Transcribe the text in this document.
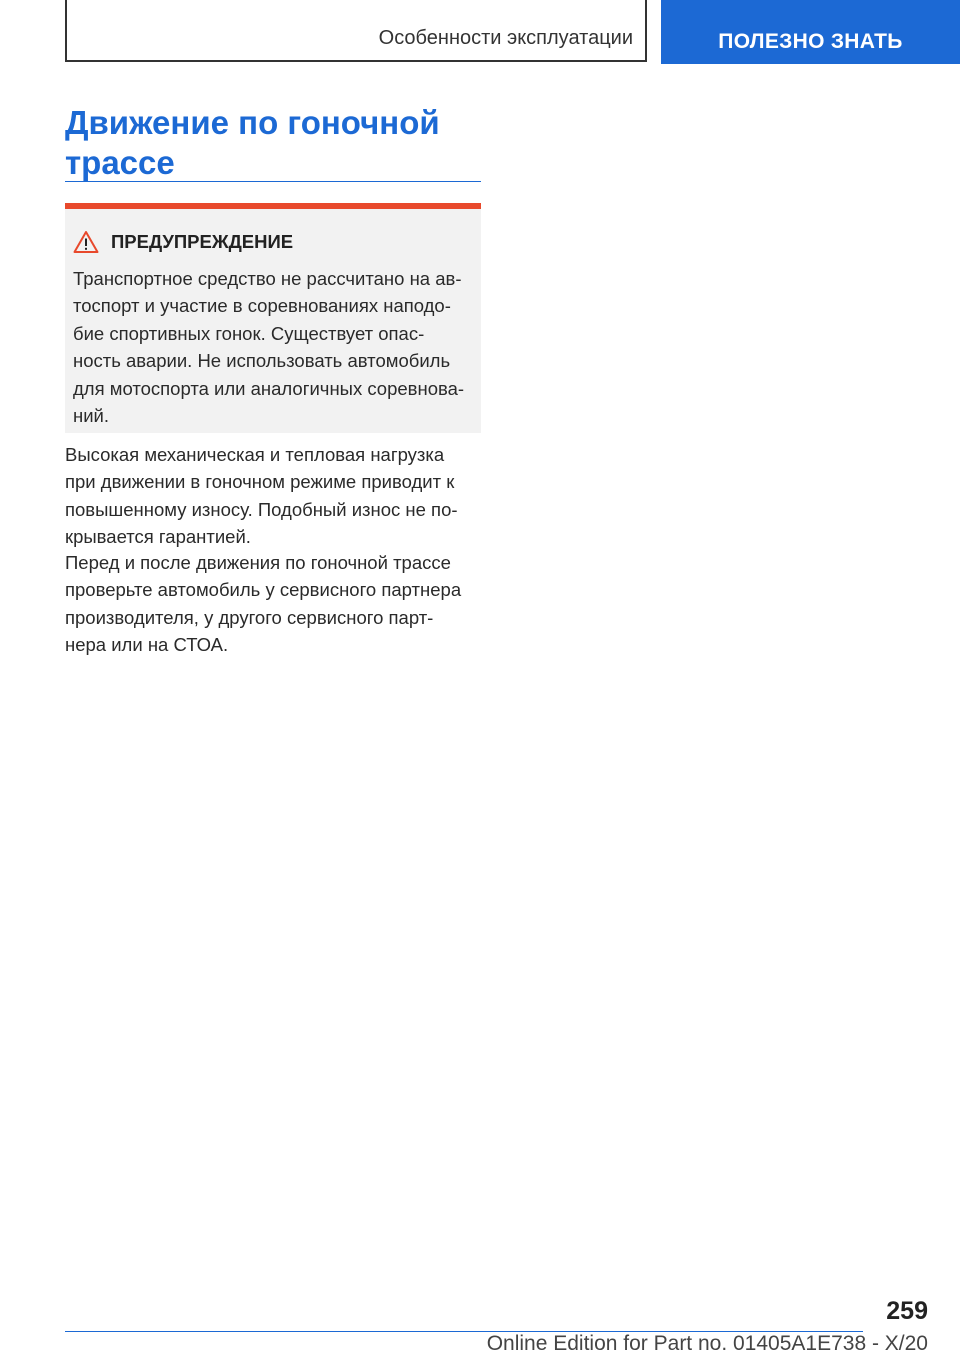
Особенности эксплуатации	ПОЛЕЗНО ЗНАТЬ
Движение по гоночной
трассе
ПРЕДУПРЕЖДЕНИЕ
Транспортное средство не рассчитано на ав‐
тоспорт и участие в соревнованиях наподо‐
бие спортивных гонок. Существует опас‐
ность аварии. Не использовать автомобиль
для мотоспорта или аналогичных соревнова‐
ний.
Высокая механическая и тепловая нагрузка
при движении в гоночном режиме приводит к
повышенному износу. Подобный износ не по‐
крывается гарантией.
Перед и после движения по гоночной трассе
проверьте автомобиль у сервисного партнера
производителя, у другого сервисного парт‐
нера или на СТОА.
259
Online Edition for Part no. 01405A1E738 - X/20
